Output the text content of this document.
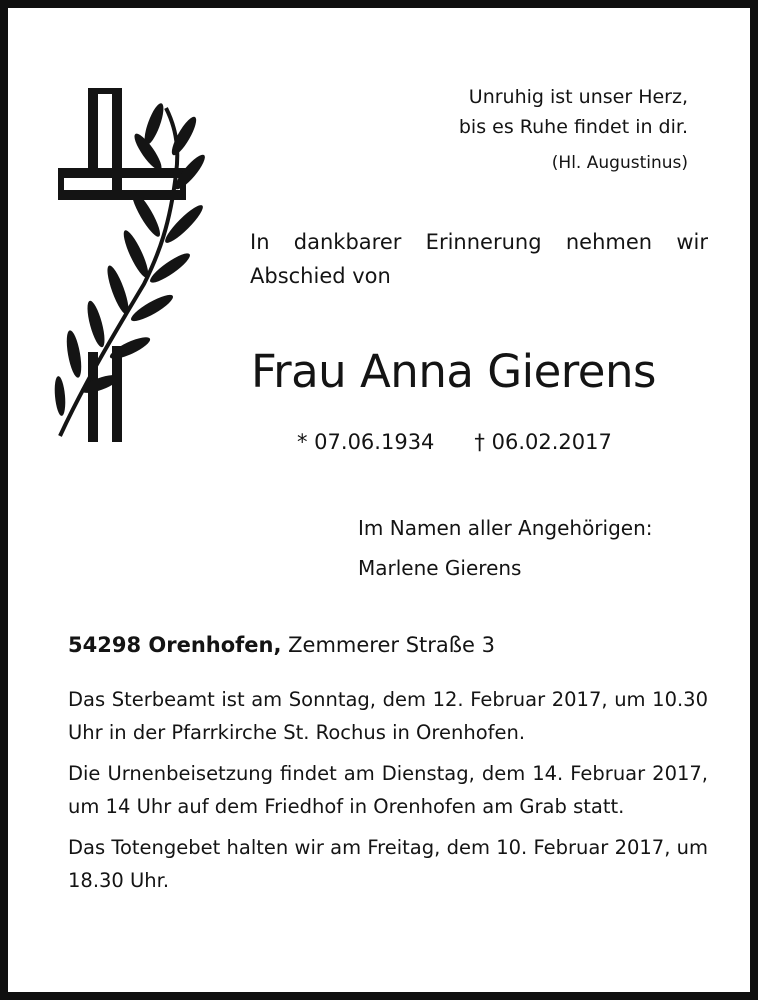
Unruhig ist unser Herz,
bis es Ruhe findet in dir.
(Hl. Augustinus)
In dankbarer Erinnerung nehmen wir Abschied von
Frau Anna Gierens
* 07.06.1934 † 06.02.2017
Im Namen aller Angehörigen:
Marlene Gierens
54298 Orenhofen, Zemmerer Straße 3

Das Sterbeamt ist am Sonntag, dem 12. Februar 2017, um 10.30 Uhr in der Pfarrkirche St. Rochus in Orenhofen.

Die Urnenbeisetzung findet am Dienstag, dem 14. Februar 2017, um 14 Uhr auf dem Friedhof in Orenhofen am Grab statt.

Das Totengebet halten wir am Freitag, dem 10. Februar 2017, um 18.30 Uhr.
